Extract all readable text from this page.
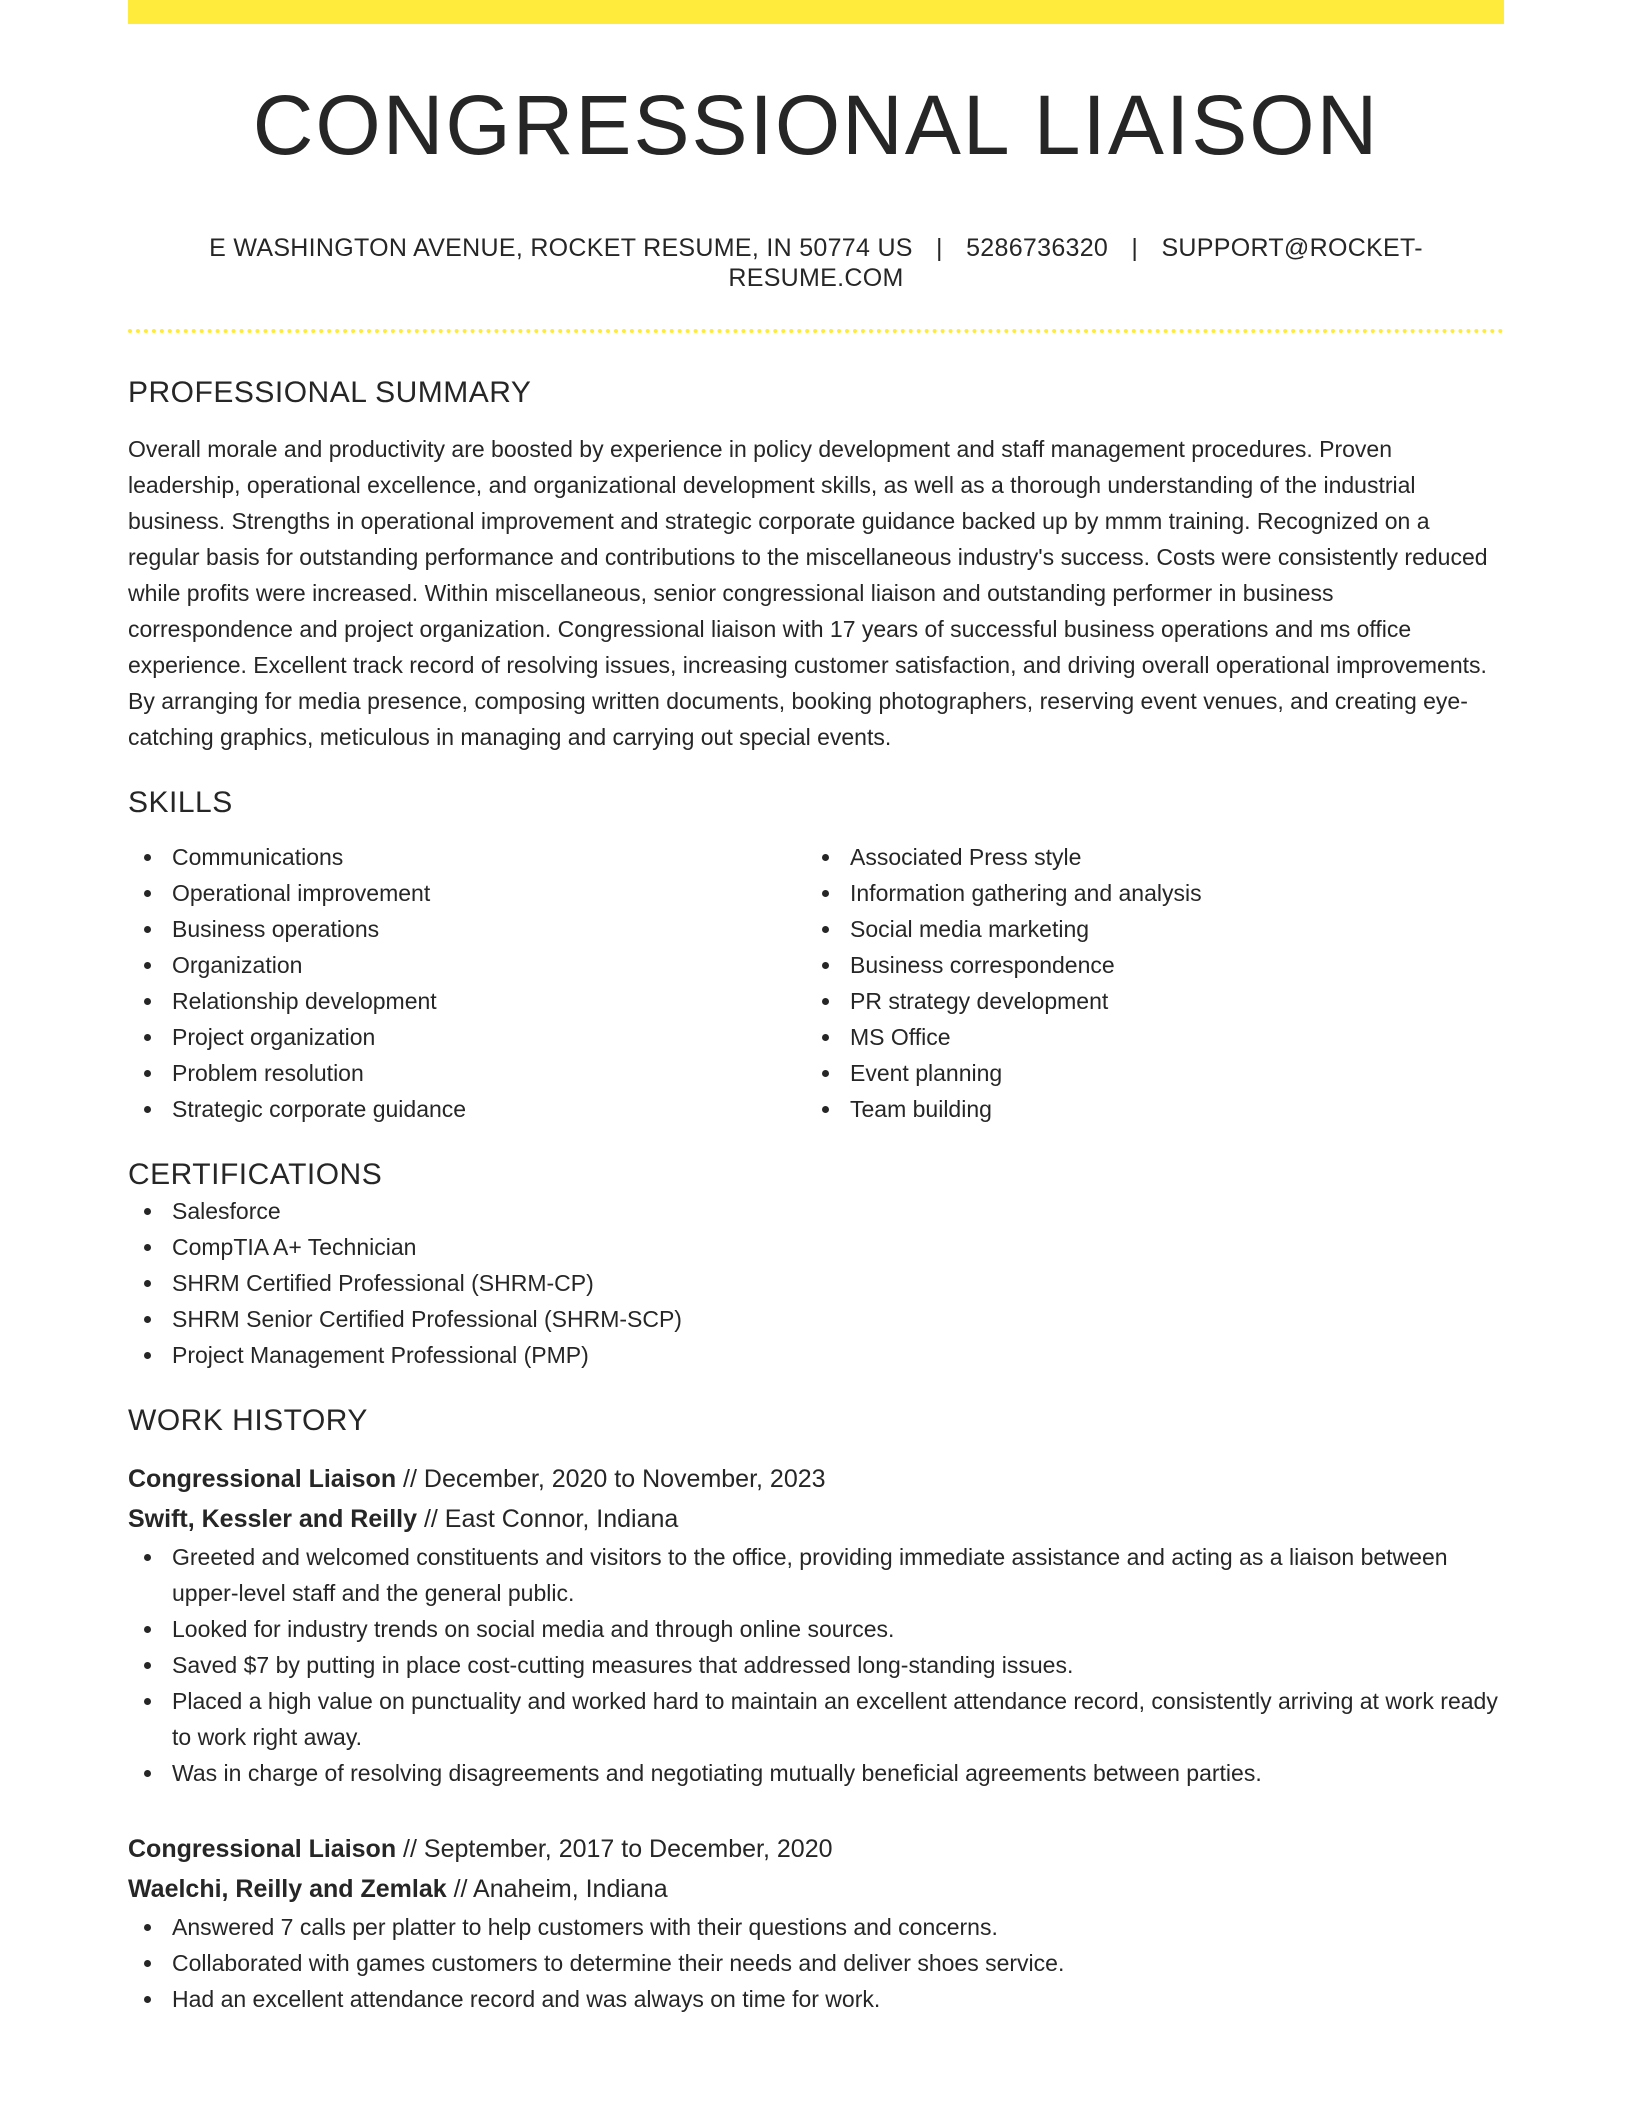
CONGRESSIONAL LIAISON
E WASHINGTON AVENUE, ROCKET RESUME, IN 50774 US | 5286736320 | SUPPORT@ROCKET-RESUME.COM
PROFESSIONAL SUMMARY

Overall morale and productivity are boosted by experience in policy development and staff management procedures. Proven leadership, operational excellence, and organizational development skills, as well as a thorough understanding of the industrial business. Strengths in operational improvement and strategic corporate guidance backed up by mmm training. Recognized on a regular basis for outstanding performance and contributions to the miscellaneous industry's success. Costs were consistently reduced while profits were increased. Within miscellaneous, senior congressional liaison and outstanding performer in business correspondence and project organization. Congressional liaison with 17 years of successful business operations and ms office experience. Excellent track record of resolving issues, increasing customer satisfaction, and driving overall operational improvements. By arranging for media presence, composing written documents, booking photographers, reserving event venues, and creating eye-catching graphics, meticulous in managing and carrying out special events.

SKILLS
Communications
Operational improvement
Business operations
Organization
Relationship development
Project organization
Problem resolution
Strategic corporate guidance
Associated Press style
Information gathering and analysis
Social media marketing
Business correspondence
PR strategy development
MS Office
Event planning
Team building
CERTIFICATIONS
Salesforce
CompTIA A+ Technician
SHRM Certified Professional (SHRM-CP)
SHRM Senior Certified Professional (SHRM-SCP)
Project Management Professional (PMP)
WORK HISTORY
Congressional Liaison // December, 2020 to November, 2023
Swift, Kessler and Reilly // East Connor, Indiana
Greeted and welcomed constituents and visitors to the office, providing immediate assistance and acting as a liaison between upper-level staff and the general public.
Looked for industry trends on social media and through online sources.
Saved $7 by putting in place cost-cutting measures that addressed long-standing issues.
Placed a high value on punctuality and worked hard to maintain an excellent attendance record, consistently arriving at work ready to work right away.
Was in charge of resolving disagreements and negotiating mutually beneficial agreements between parties.
Congressional Liaison // September, 2017 to December, 2020
Waelchi, Reilly and Zemlak // Anaheim, Indiana
Answered 7 calls per platter to help customers with their questions and concerns.
Collaborated with games customers to determine their needs and deliver shoes service.
Had an excellent attendance record and was always on time for work.
